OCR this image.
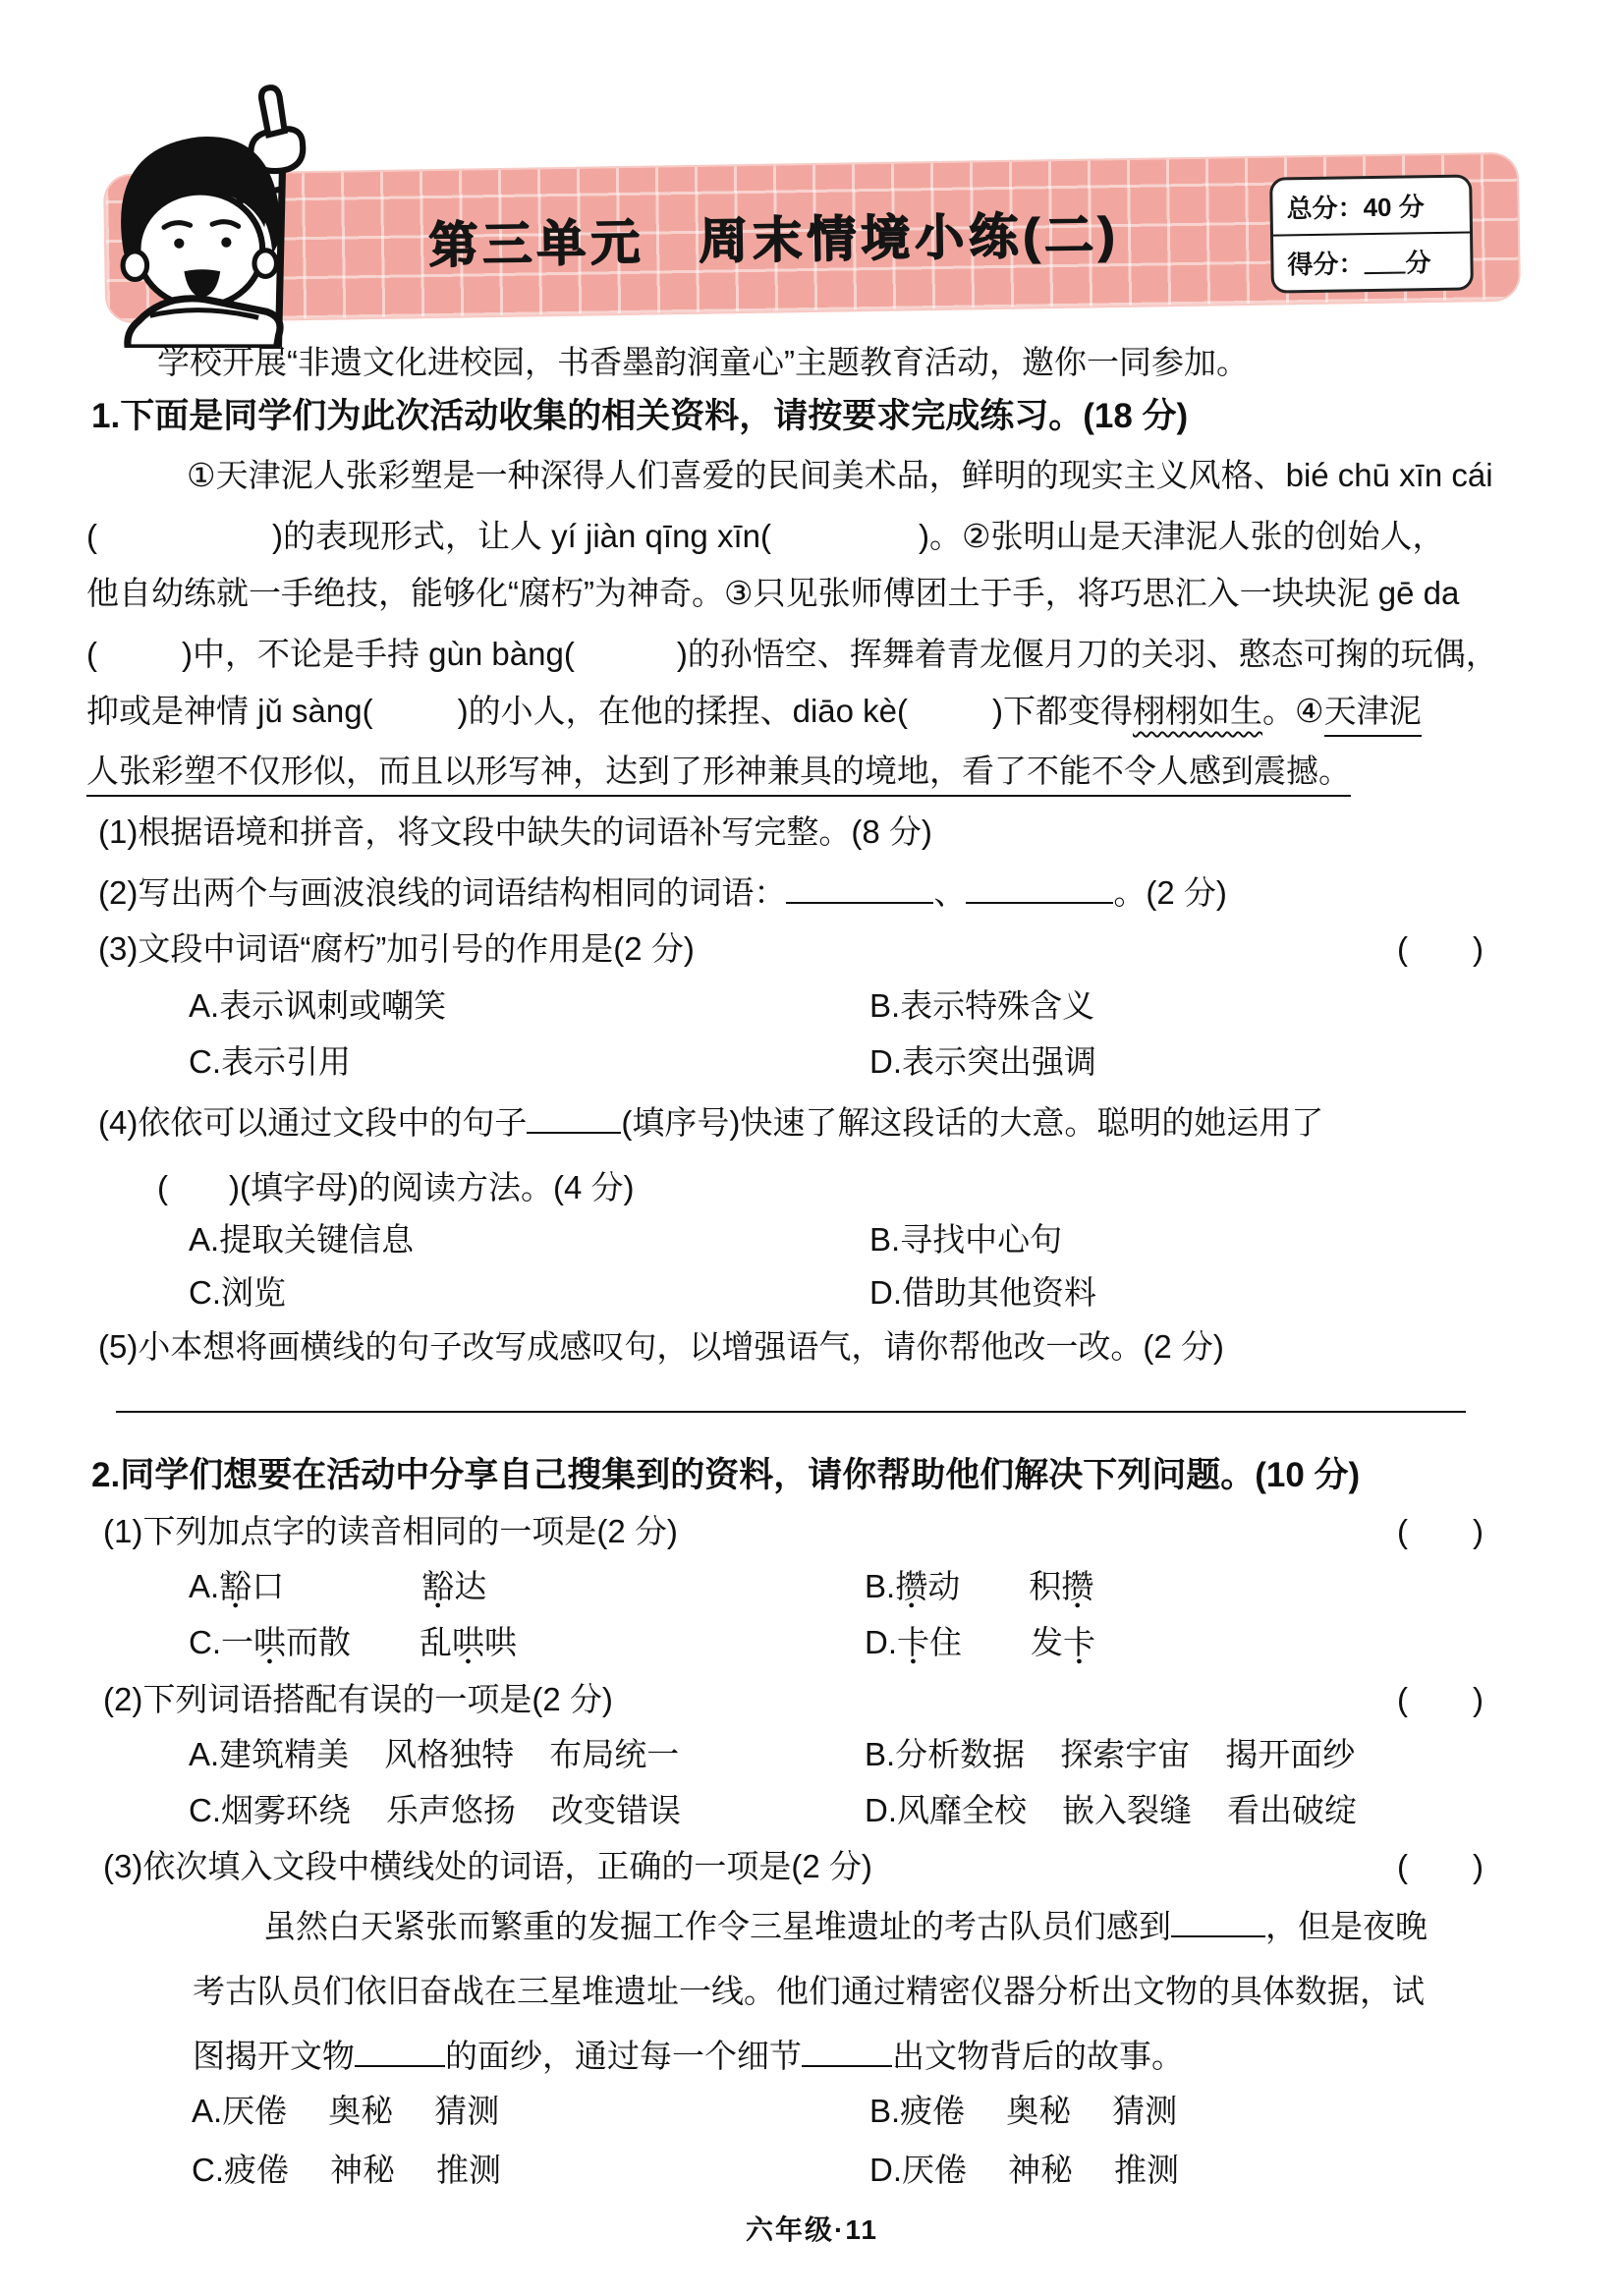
第三单元　周末情境小练(二)	总分：40 分
得分： 分
学校开展“非遗文化进校园，书香墨韵润童心”主题教育活动，邀你一同参加。
1.下面是同学们为此次活动收集的相关资料，请按要求完成练习。(18 分)
①天津泥人张彩塑是一种深得人们喜爱的民间美术品，鲜明的现实主义风格、bié chū xīn cái
(	)的表现形式，让人 yí jiàn qīng xīn(	)。②张明山是天津泥人张的创始人，
他自幼练就一手绝技，能够化“腐朽”为神奇。③只见张师傅团土于手，将巧思汇入一块块泥 gē da
(	)中，不论是手持 gùn bàng(	)的孙悟空、挥舞着青龙偃月刀的关羽、憨态可掬的玩偶，
抑或是神情 jǔ sàng(	)的小人，在他的揉捏、diāo kè(	)下都变得栩栩如生。④天津泥
人张彩塑不仅形似，而且以形写神，达到了形神兼具的境地，看了不能不令人感到震撼。
(1)根据语境和拼音，将文段中缺失的词语补写完整。(8 分)
(2)写出两个与画波浪线的词语结构相同的词语：	、	。(2 分)
(3)文段中词语“腐朽”加引号的作用是(2 分)	(　　)
A.表示讽刺或嘲笑	B.表示特殊含义
C.表示引用	D.表示突出强调
(4)依依可以通过文段中的句子	(填序号)快速了解这段话的大意。聪明的她运用了
( )(填字母)的阅读方法。(4 分)
A.提取关键信息	B.寻找中心句
C.浏览	D.借助其他资料
(5)小本想将画横线的句子改写成感叹句，以增强语气，请你帮他改一改。(2 分)
2.同学们想要在活动中分享自己搜集到的资料，请你帮助他们解决下列问题。(10 分)
(1)下列加点字的读音相同的一项是(2 分)	(　　)
A.豁 ●口	豁 ●达	B.攒 ●动 积攒 ●
C.一哄 ●而散 乱哄 ●哄	D.卡 ●住 发卡 ●
(2)下列词语搭配有误的一项是(2 分)	(　　)
A.建筑精美 风格独特 布局统一	B.分析数据 探索宇宙 揭开面纱
C.烟雾环绕 乐声悠扬 改变错误	D.风靡全校 嵌入裂缝 看出破绽
(3)依次填入文段中横线处的词语，正确的一项是(2 分)	(　　)
虽然白天紧张而繁重的发掘工作令三星堆遗址的考古队员们感到	，但是夜晚
考古队员们依旧奋战在三星堆遗址一线。他们通过精密仪器分析出文物的具体数据，试
图揭开文物	的面纱，通过每一个细节	出文物背后的故事。
A.厌倦 奥秘 猜测	B.疲倦 奥秘 猜测
C.疲倦 神秘 推测	D.厌倦 神秘 推测
六年级·11
